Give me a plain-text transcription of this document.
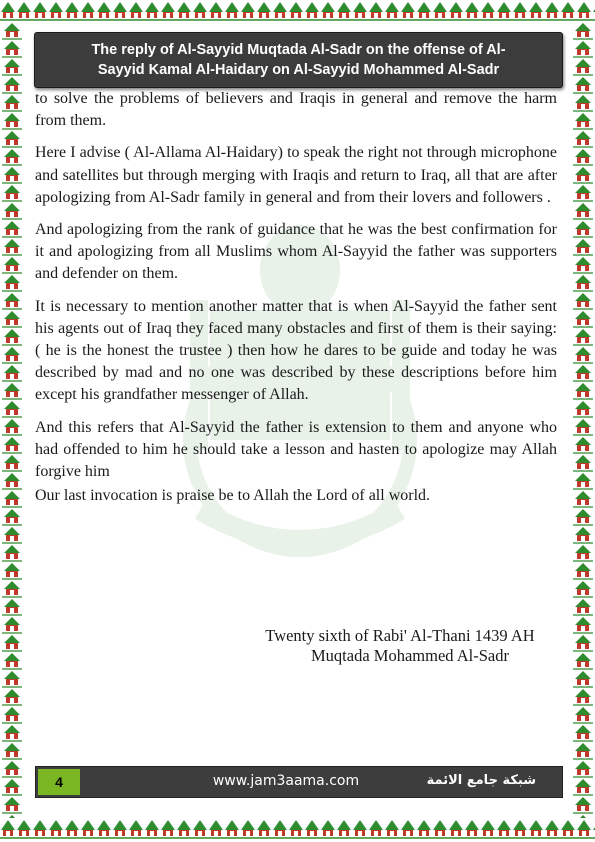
The reply of Al-Sayyid Muqtada Al-Sadr on the offense of Al-
Sayyid Kamal Al-Haidary on Al-Sayyid Mohammed Al-Sadr

to solve the problems of believers and Iraqis in general and remove the harm from them.

Here I advise ( Al-Allama Al-Haidary) to speak the right not through microphone and satellites but through merging with Iraqis and return to Iraq, all that are after apologizing from Al-Sadr family in general and from their lovers and followers .

And apologizing from the rank of guidance that he was the best confirmation for it and apologizing from all Muslims whom Al-Sayyid the father was supporters and defender on them.

It is necessary to mention another matter that is when Al-Sayyid the father sent his agents out of Iraq they faced many obstacles and first of them is their saying: ( he is the honest the trustee ) then how he dares to be guide and today he was described by mad and no one was described by these descriptions before him except his grandfather messenger of Allah.

And this refers that Al-Sayyid the father is extension to them and anyone who had offended to him he should take a lesson and hasten to apologize may Allah forgive him

Our last invocation is praise be to Allah the Lord of all world.

Twenty sixth of Rabi' Al-Thani 1439 AH
Muqtada Mohammed Al-Sadr
4	www.jam3aama.com	شبكة جامع الائمة
